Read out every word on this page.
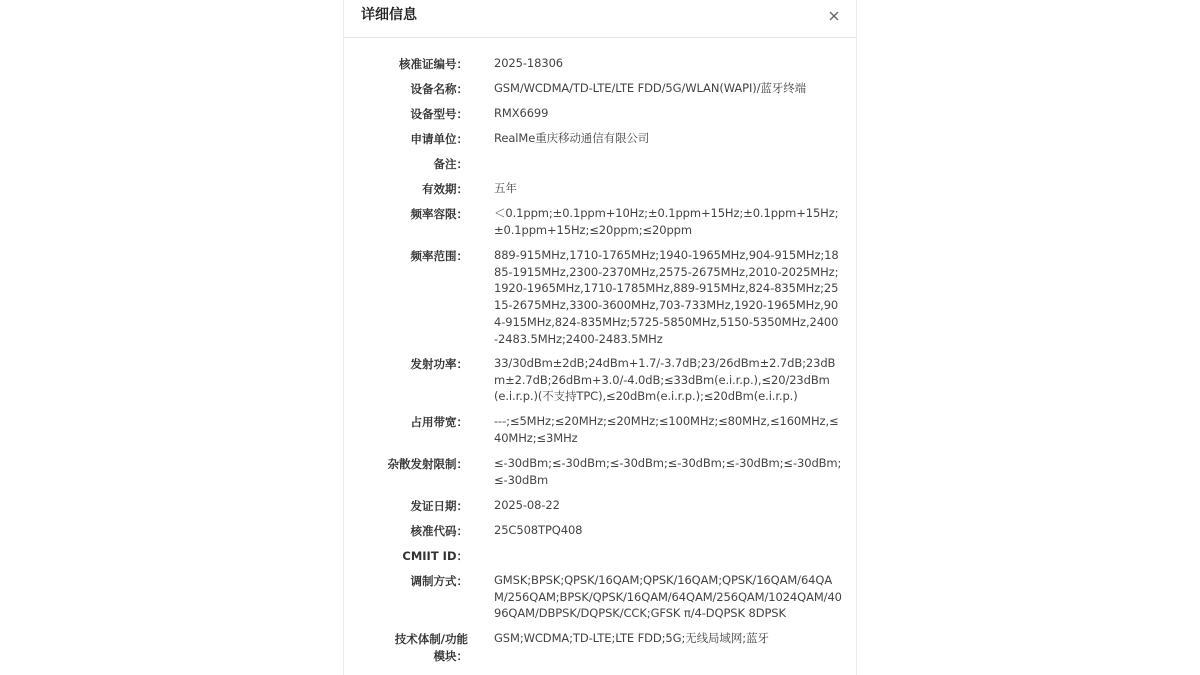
详细信息
核准证编号： 2025-18306
设备名称： GSM/WCDMA/TD-LTE/LTE FDD/5G/WLAN(WAPI)/蓝牙终端
设备型号： RMX6699
申请单位： RealMe重庆移动通信有限公司
备注：
有效期： 五年
频率容限： ＜0.1ppm;±0.1ppm+10Hz;±0.1ppm+15Hz;±0.1ppm+15Hz;±0.1ppm+15Hz;≤20ppm;≤20ppm
频率范围： 889-915MHz,1710-1765MHz;1940-1965MHz,904-915MHz;1885-1915MHz,2300-2370MHz,2575-2675MHz,2010-2025MHz;1920-1965MHz,1710-1785MHz,889-915MHz,824-835MHz;2515-2675MHz,3300-3600MHz,703-733MHz,1920-1965MHz,904-915MHz,824-835MHz;5725-5850MHz,5150-5350MHz,2400-2483.5MHz;2400-2483.5MHz
发射功率： 33/30dBm±2dB;24dBm+1.7/-3.7dB;23/26dBm±2.7dB;23dBm±2.7dB;26dBm+3.0/-4.0dB;≤33dBm(e.i.r.p.),≤20/23dBm(e.i.r.p.)(不支持TPC),≤20dBm(e.i.r.p.);≤20dBm(e.i.r.p.)
占用带宽： ---;≤5MHz;≤20MHz;≤20MHz;≤100MHz;≤80MHz,≤160MHz,≤40MHz;≤3MHz
杂散发射限制： ≤-30dBm;≤-30dBm;≤-30dBm;≤-30dBm;≤-30dBm;≤-30dBm;≤-30dBm
发证日期： 2025-08-22
核准代码： 25C508TPQ408
CMIIT ID：
调制方式： GMSK;BPSK;QPSK/16QAM;QPSK/16QAM;QPSK/16QAM/64QAM/256QAM;BPSK/QPSK/16QAM/64QAM/256QAM/1024QAM/4096QAM/DBPSK/DQPSK/CCK;GFSK π/4-DQPSK 8DPSK
技术体制/功能模块：
GSM;WCDMA;TD-LTE;LTE FDD;5G;无线局域网;蓝牙
